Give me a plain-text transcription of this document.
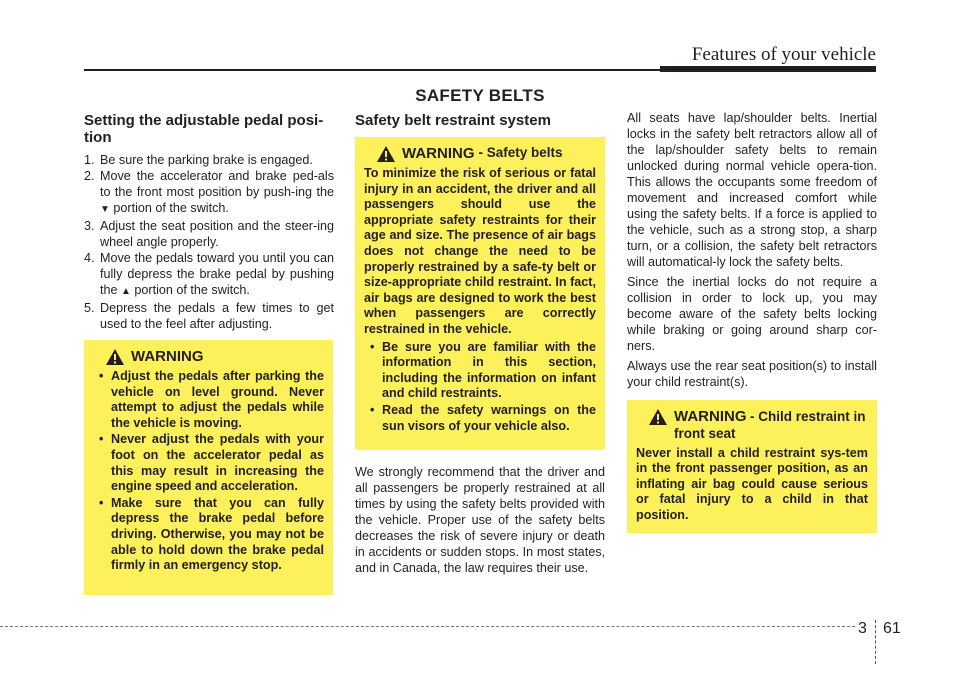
Features of your vehicle
SAFETY BELTS
Setting the adjustable pedal posi-tion
1. Be sure the parking brake is engaged.
2. Move the accelerator and brake ped-als to the front most position by push-ing the ▼ portion of the switch.
3. Adjust the seat position and the steer-ing wheel angle properly.
4. Move the pedals toward you until you can fully depress the brake pedal by pushing the ▲ portion of the switch.
5. Depress the pedals a few times to get used to the feel after adjusting.
WARNING
• Adjust the pedals after parking the vehicle on level ground. Never attempt to adjust the pedals while the vehicle is moving.
• Never adjust the pedals with your foot on the accelerator pedal as this may result in increasing the engine speed and acceleration.
• Make sure that you can fully depress the brake pedal before driving. Otherwise, you may not be able to hold down the brake pedal firmly in an emergency stop.
Safety belt restraint system
WARNING - Safety belts

To minimize the risk of serious or fatal injury in an accident, the driver and all passengers should use the appropriate safety restraints for their age and size. The presence of air bags does not change the need to be properly restrained by a safe-ty belt or size-appropriate child restraint. In fact, air bags are designed to work the best when passengers are correctly restrained in the vehicle.

• Be sure you are familiar with the information in this section, including the information on infant and child restraints.
• Read the safety warnings on the sun visors of your vehicle also.

We strongly recommend that the driver and all passengers be properly restrained at all times by using the safety belts provided with the vehicle. Proper use of the safety belts decreases the risk of severe injury or death in accidents or sudden stops. In most states, and in Canada, the law requires their use.

All seats have lap/shoulder belts. Inertial locks in the safety belt retractors allow all of the lap/shoulder safety belts to remain unlocked during normal vehicle opera-tion. This allows the occupants some freedom of movement and increased comfort while using the safety belts. If a force is applied to the vehicle, such as a strong stop, a sharp turn, or a collision, the safety belt retractors will automatical-ly lock the safety belts.

Since the inertial locks do not require a collision in order to lock up, you may become aware of the safety belts locking while braking or going around sharp cor-ners.

Always use the rear seat position(s) to install your child restraint(s).

WARNING - Child restraint in front seat

Never install a child restraint sys-tem in the front passenger position, as an inflating air bag could cause serious or fatal injury to a child in that position.

3 61
